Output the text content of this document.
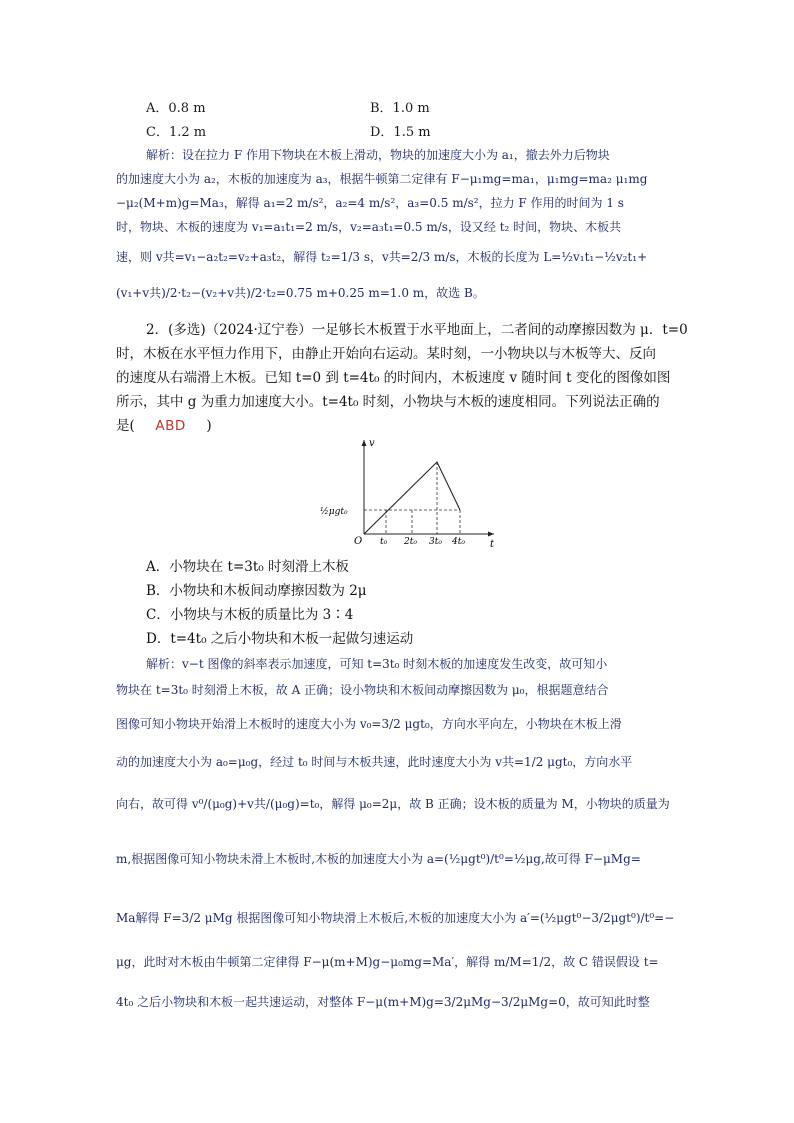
A．0.8 m	B．1.0 m
C．1.2 m	D．1.5 m
解析：设在拉力 F 作用下物块在木板上滑动，物块的加速度大小为 a₁，撤去外力后物块
的加速度大小为 a₂，木板的加速度为 a₃，根据牛顿第二定律有 F−μ₁mg=ma₁，μ₁mg=ma₂ μ₁mg
−μ₂(M+m)g=Ma₃，解得 a₁=2 m/s²，a₂=4 m/s²，a₃=0.5 m/s²，拉力 F 作用的时间为 1 s
时，物块、木板的速度为 v₁=a₁t₁=2 m/s，v₂=a₃t₁=0.5 m/s，设又经 t₂ 时间，物块、木板共
速，则 v共=v₁−a₂t₂=v₂+a₃t₂，解得 t₂=1/3 s，v共=2/3 m/s，木板的长度为 L=½v₁t₁−½v₂t₁+
(v₁+v共)/2·t₂−(v₂+v共)/2·t₂=0.75 m+0.25 m=1.0 m，故选 B。
2．(多选)（2024·辽宁卷）一足够长木板置于水平地面上，二者间的动摩擦因数为 μ．t=0
时，木板在水平恒力作用下，由静止开始向右运动。某时刻，一小物块以与木板等大、反向
的速度从右端滑上木板。已知 t=0 到 t=4t₀ 的时间内，木板速度 v 随时间 t 变化的图像如图
所示，其中 g 为重力加速度大小。t=4t₀ 时刻，小物块与木板的速度相同。下列说法正确的
是( ABD )
v
t
O
½μgt₀
t₀ 2t₀ 3t₀ 4t₀
A．小物块在 t=3t₀ 时刻滑上木板
B．小物块和木板间动摩擦因数为 2μ
C．小物块与木板的质量比为 3∶4
D．t=4t₀ 之后小物块和木板一起做匀速运动
解析：v−t 图像的斜率表示加速度，可知 t=3t₀ 时刻木板的加速度发生改变，故可知小
物块在 t=3t₀ 时刻滑上木板，故 A 正确；设小物块和木板间动摩擦因数为 μ₀，根据题意结合
图像可知小物块开始滑上木板时的速度大小为 v₀=3/2 μgt₀，方向水平向左，小物块在木板上滑
动的加速度大小为 a₀=μ₀g，经过 t₀ 时间与木板共速，此时速度大小为 v共=1/2 μgt₀，方向水平
向右，故可得 v⁰/(μ₀g)+v共/(μ₀g)=t₀，解得 μ₀=2μ，故 B 正确；设木板的质量为 M，小物块的质量为
m,根据图像可知小物块未滑上木板时,木板的加速度大小为 a=(½μgt⁰)/t⁰=½μg,故可得 F−μMg=
Ma解得 F=3/2 μMg 根据图像可知小物块滑上木板后,木板的加速度大小为 a′=(½μgt⁰−3/2μgt⁰)/t⁰=−
μg，此时对木板由牛顿第二定律得 F−μ(m+M)g−μ₀mg=Ma′，解得 m/M=1/2，故 C 错误假设 t=
4t₀ 之后小物块和木板一起共速运动，对整体 F−μ(m+M)g=3/2μMg−3/2μMg=0，故可知此时整
